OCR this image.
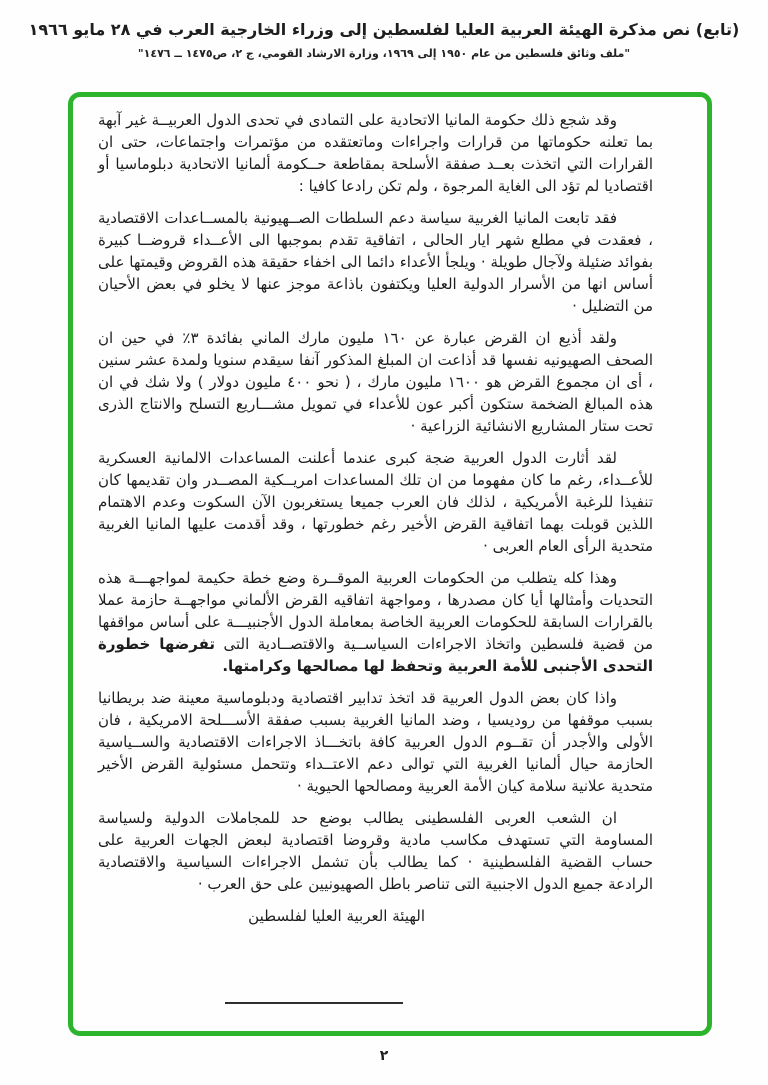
(تابع) نص مذكرة الهيئة العربية العليا لفلسطين إلى وزراء الخارجية العرب في ٢٨ مايو ١٩٦٦
"ملف وثائق فلسطين من عام ١٩٥٠ إلى ١٩٦٩، وزارة الارشاد القومي، ج ٢، ص١٤٧٥ ــ ١٤٧٦"

وقد شجع ذلك حكومة المانيا الاتحادية على التمادى في تحدى الدول العربيــة غير آبهة بما تعلنه حكوماتها من قرارات واجراءات وماتعتقده من مؤتمرات واجتماعات، حتى ان القرارات التي اتخذت بعــد صفقة الأسلحة بمقاطعة حــكومة ألمانيا الاتحادية دبلوماسيا أو اقتصاديا لم تؤد الى الغاية المرجوة ، ولم تكن رادعا كافيا :

فقد تابعت المانيا الغربية سياسة دعم السلطات الصــهيونية بالمســاعدات الاقتصادية ، فعقدت في مطلع شهر ايار الحالى ، اتفاقية تقدم بموجبها الى الأعــداء قروضــا كبيرة بفوائد ضئيلة ولآجال طويلة · ويلجأ الأعداء دائما الى اخفاء حقيقة هذه القروض وقيمتها على أساس انها من الأسرار الدولية العليا ويكتفون باذاعة موجز عنها لا يخلو في بعض الأحيان من التضليل ·

ولقد أذيع ان القرض عبارة عن ١٦٠ مليون مارك الماني بفائدة ٣٪ في حين ان الصحف الصهيونيه نفسها قد أذاعت ان المبلغ المذكور آنفا سيقدم سنويا ولمدة عشر سنين ، أى ان مجموع القرض هو ١٦٠٠ مليون مارك ، ( نحو ٤٠٠ مليون دولار ) ولا شك في ان هذه المبالغ الضخمة ستكون أكبر عون للأعداء في تمويل مشـــاريع التسلح والانتاج الذرى تحت ستار المشاريع الانشائية الزراعية ·

لقد أثارت الدول العربية ضجة كبرى عندما أعلنت المساعدات الالمانية العسكرية للأعــداء، رغم ما كان مفهوما من ان تلك المساعدات امريــكية المصــدر وان تقديمها كان تنفيذا للرغبة الأمريكية ، لذلك فان العرب جميعا يستغربون الآن السكوت وعدم الاهتمام اللذين قوبلت بهما اتفاقية القرض الأخير رغم خطورتها ، وقد أقدمت عليها المانيا الغربية متحدية الرأى العام العربى ·

وهذا كله يتطلب من الحكومات العربية الموقــرة وضع خطة حكيمة لمواجهـــة هذه التحديات وأمثالها أيا كان مصدرها ، ومواجهة اتفاقيه القرض الألماني مواجهــة حازمة عملا بالقرارات السابقة للحكومات العربية الخاصة بمعاملة الدول الأجنبيـــة على أساس مواقفها من قضية فلسطين واتخاذ الاجراءات السياســية والاقتصــادية التى تفرضها خطورة التحدى الأجنبى للأمة العربية وتحفظ لها مصالحها وكرامتها.

واذا كان بعض الدول العربية قد اتخذ تدابير اقتصادية ودبلوماسية معينة ضد بريطانيا بسبب موقفها من روديسيا ، وضد المانيا الغربية بسبب صفقة الأســـلحة الامريكية ، فان الأولى والأجدر أن تقــوم الدول العربية كافة باتخـــاذ الاجراءات الاقتصادية والســياسية الحازمة حيال ألمانيا الغربية التي توالى دعم الاعتــداء وتتحمل مسئولية القرض الأخير متحدية علانية سلامة كيان الأمة العربية ومصالحها الحيوية ·

ان الشعب العربى الفلسطينى يطالب بوضع حد للمجاملات الدولية ولسياسة المساومة التي تستهدف مكاسب مادية وقروضا اقتصادية لبعض الجهات العربية على حساب القضية الفلسطينية · كما يطالب بأن تشمل الاجراءات السياسية والاقتصادية الرادعة جميع الدول الاجنبية التى تناصر باطل الصهيونيين على حق العرب ·

الهيئة العربية العليا لفلسطين
٢
